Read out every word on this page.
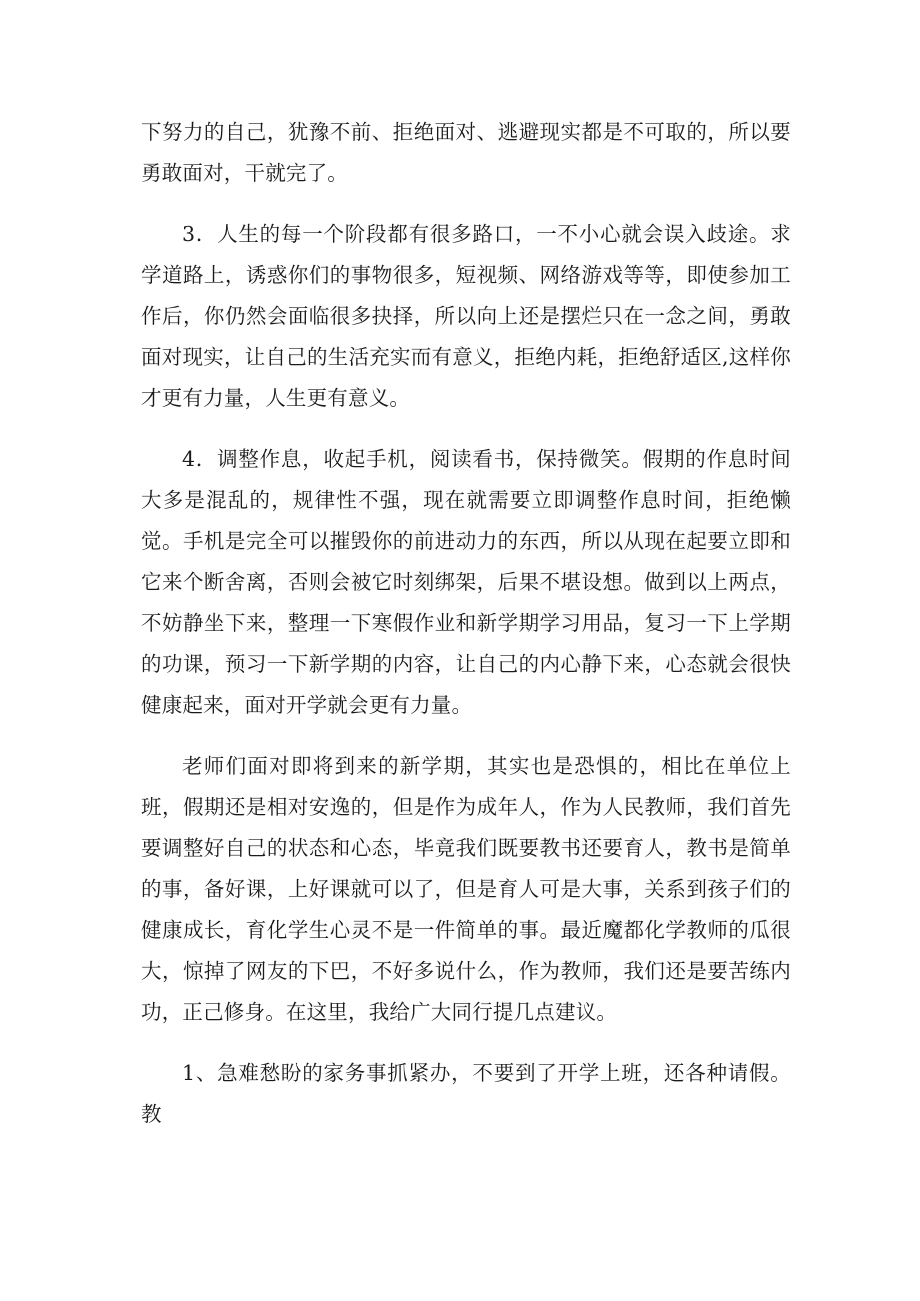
下努力的自己，犹豫不前、拒绝面对、逃避现实都是不可取的，所以要勇敢面对，干就完了。

3．人生的每一个阶段都有很多路口，一不小心就会误入歧途。求学道路上，诱惑你们的事物很多，短视频、网络游戏等等，即使参加工作后，你仍然会面临很多抉择，所以向上还是摆烂只在一念之间，勇敢面对现实，让自己的生活充实而有意义，拒绝内耗，拒绝舒适区,这样你才更有力量，人生更有意义。

4．调整作息，收起手机，阅读看书，保持微笑。假期的作息时间大多是混乱的，规律性不强，现在就需要立即调整作息时间，拒绝懒觉。手机是完全可以摧毁你的前进动力的东西，所以从现在起要立即和它来个断舍离，否则会被它时刻绑架，后果不堪设想。做到以上两点，不妨静坐下来，整理一下寒假作业和新学期学习用品，复习一下上学期的功课，预习一下新学期的内容，让自己的内心静下来，心态就会很快健康起来，面对开学就会更有力量。

老师们面对即将到来的新学期，其实也是恐惧的，相比在单位上班，假期还是相对安逸的，但是作为成年人，作为人民教师，我们首先要调整好自己的状态和心态，毕竟我们既要教书还要育人，教书是简单的事，备好课，上好课就可以了，但是育人可是大事，关系到孩子们的健康成长，育化学生心灵不是一件简单的事。最近魔都化学教师的瓜很大，惊掉了网友的下巴，不好多说什么，作为教师，我们还是要苦练内功，正己修身。在这里，我给广大同行提几点建议。

1、急难愁盼的家务事抓紧办，不要到了开学上班，还各种请假。教
